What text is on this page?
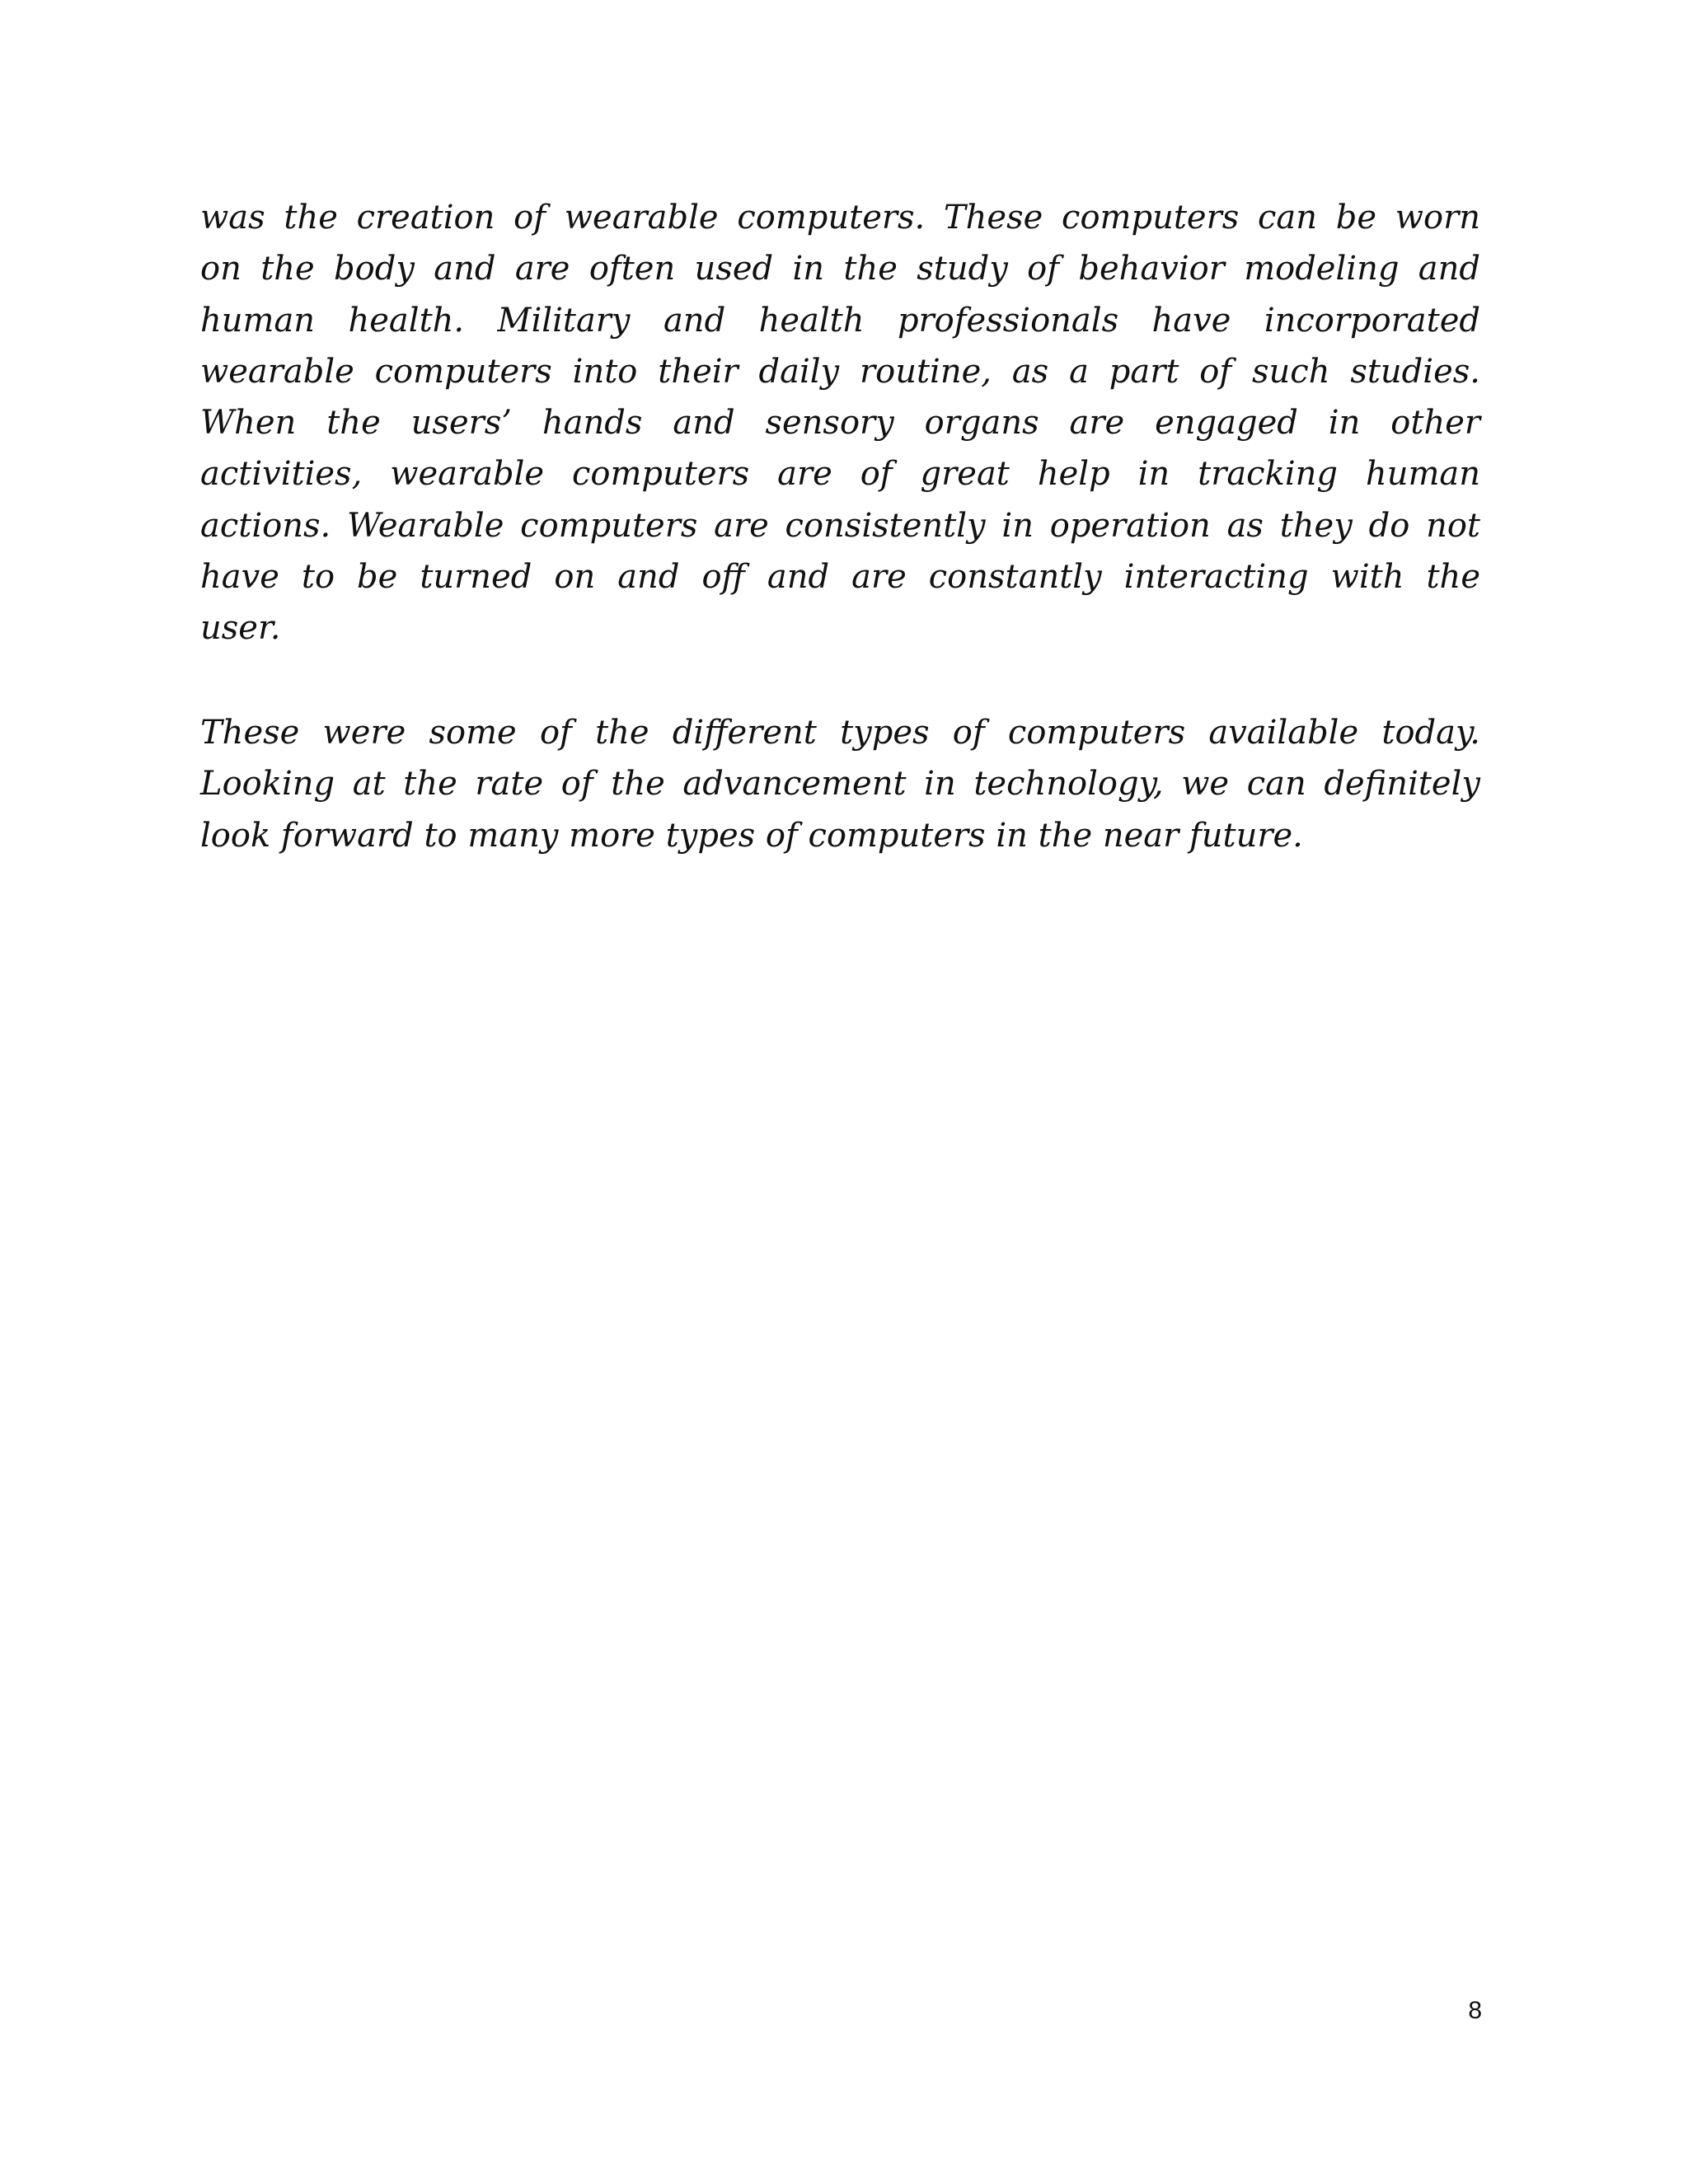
was the creation of wearable computers. These computers can be worn
on the body and are often used in the study of behavior modeling and
human health. Military and health professionals have incorporated
wearable computers into their daily routine, as a part of such studies.
When the users’ hands and sensory organs are engaged in other
activities, wearable computers are of great help in tracking human
actions. Wearable computers are consistently in operation as they do not
have to be turned on and off and are constantly interacting with the
user.
These were some of the different types of computers available today.
Looking at the rate of the advancement in technology, we can definitely
look forward to many more types of computers in the near future.
8
